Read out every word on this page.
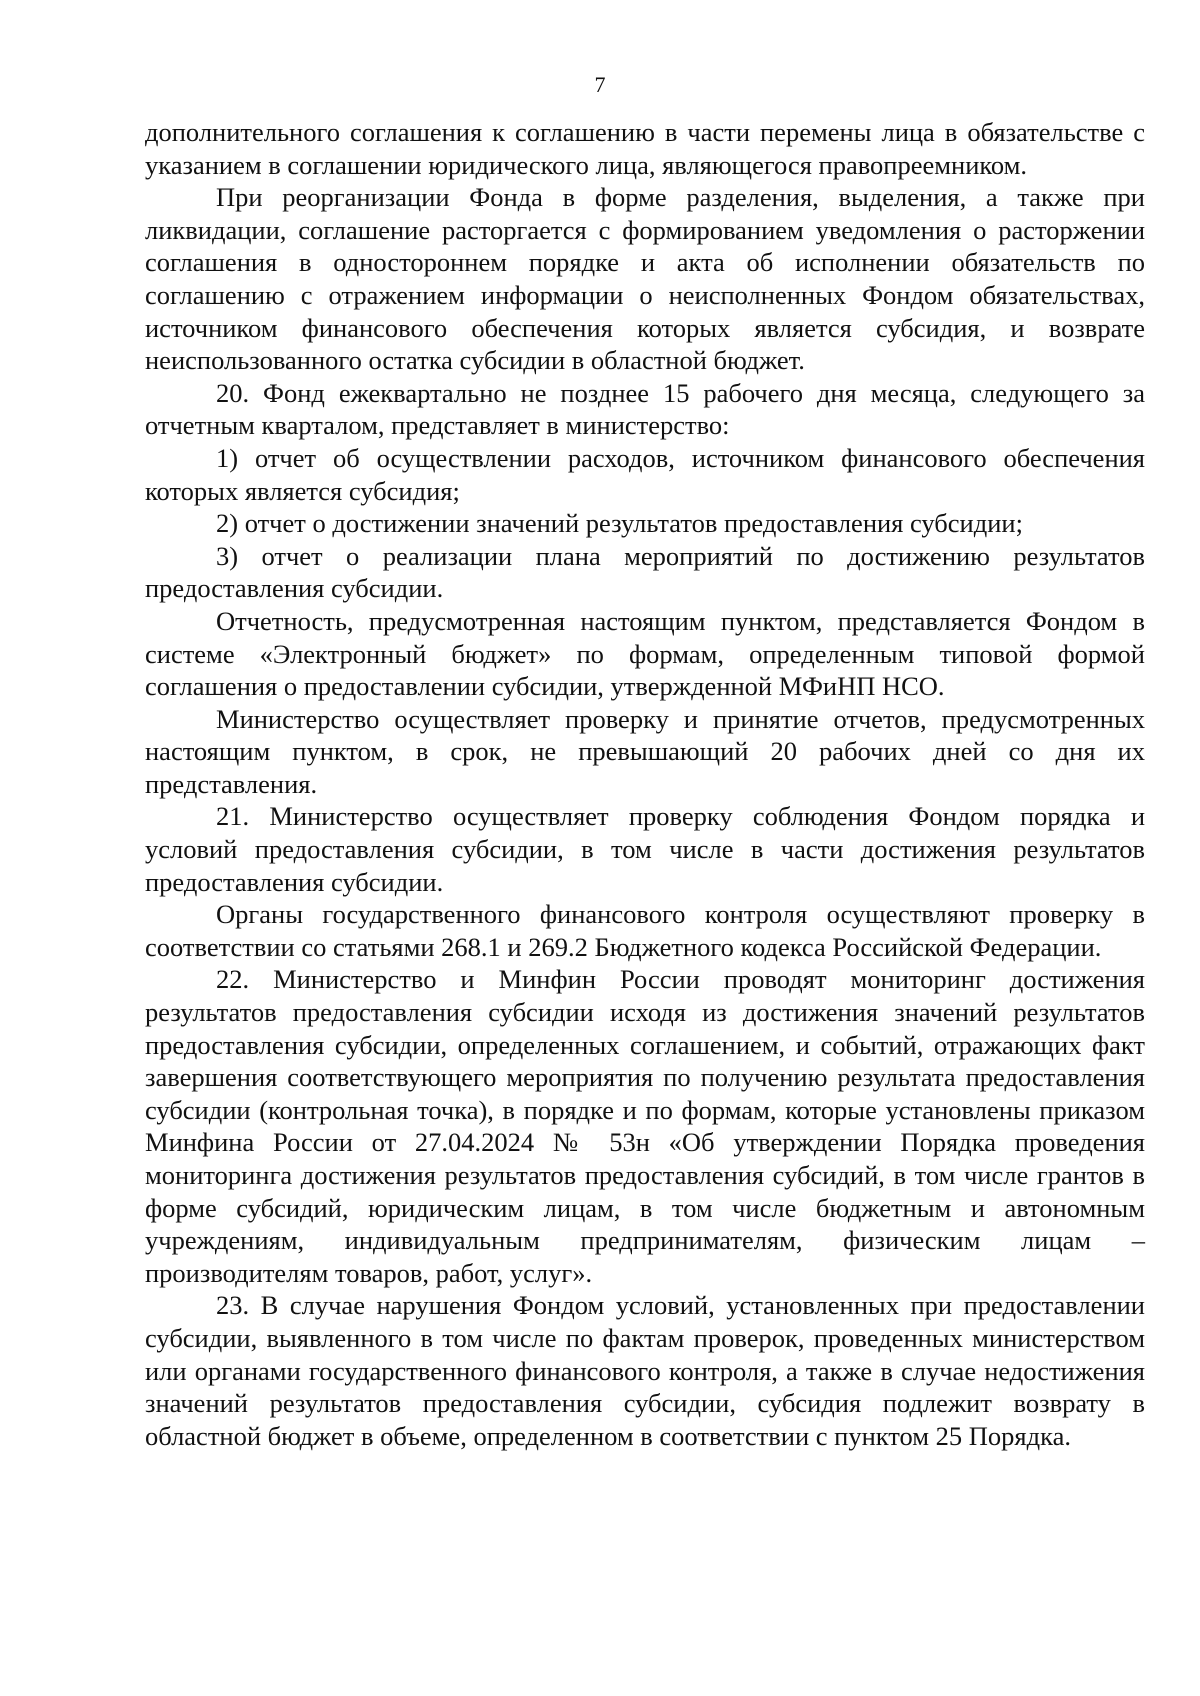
7

дополнительного соглашения к соглашению в части перемены лица в обязательстве с указанием в соглашении юридического лица, являющегося правопреемником.

При реорганизации Фонда в форме разделения, выделения, а также при ликвидации, соглашение расторгается с формированием уведомления о расторжении соглашения в одностороннем порядке и акта об исполнении обязательств по соглашению с отражением информации о неисполненных Фондом обязательствах, источником финансового обеспечения которых является субсидия, и возврате неиспользованного остатка субсидии в областной бюджет.

20. Фонд ежеквартально не позднее 15 рабочего дня месяца, следующего за отчетным кварталом, представляет в министерство:

1) отчет об осуществлении расходов, источником финансового обеспечения которых является субсидия;

2) отчет о достижении значений результатов предоставления субсидии;

3) отчет о реализации плана мероприятий по достижению результатов предоставления субсидии.

Отчетность, предусмотренная настоящим пунктом, представляется Фондом в системе «Электронный бюджет» по формам, определенным типовой формой соглашения о предоставлении субсидии, утвержденной МФиНП НСО.

Министерство осуществляет проверку и принятие отчетов, предусмотренных настоящим пунктом, в срок, не превышающий 20 рабочих дней со дня их представления.

21. Министерство осуществляет проверку соблюдения Фондом порядка и условий предоставления субсидии, в том числе в части достижения результатов предоставления субсидии.

Органы государственного финансового контроля осуществляют проверку в соответствии со статьями 268.1 и 269.2 Бюджетного кодекса Российской Федерации.

22. Министерство и Минфин России проводят мониторинг достижения результатов предоставления субсидии исходя из достижения значений результатов предоставления субсидии, определенных соглашением, и событий, отражающих факт завершения соответствующего мероприятия по получению результата предоставления субсидии (контрольная точка), в порядке и по формам, которые установлены приказом Минфина России от 27.04.2024 № 53н «Об утверждении Порядка проведения мониторинга достижения результатов предоставления субсидий, в том числе грантов в форме субсидий, юридическим лицам, в том числе бюджетным и автономным учреждениям, индивидуальным предпринимателям, физическим лицам – производителям товаров, работ, услуг».

23. В случае нарушения Фондом условий, установленных при предоставлении субсидии, выявленного в том числе по фактам проверок, проведенных министерством или органами государственного финансового контроля, а также в случае недостижения значений результатов предоставления субсидии, субсидия подлежит возврату в областной бюджет в объеме, определенном в соответствии с пунктом 25 Порядка.
